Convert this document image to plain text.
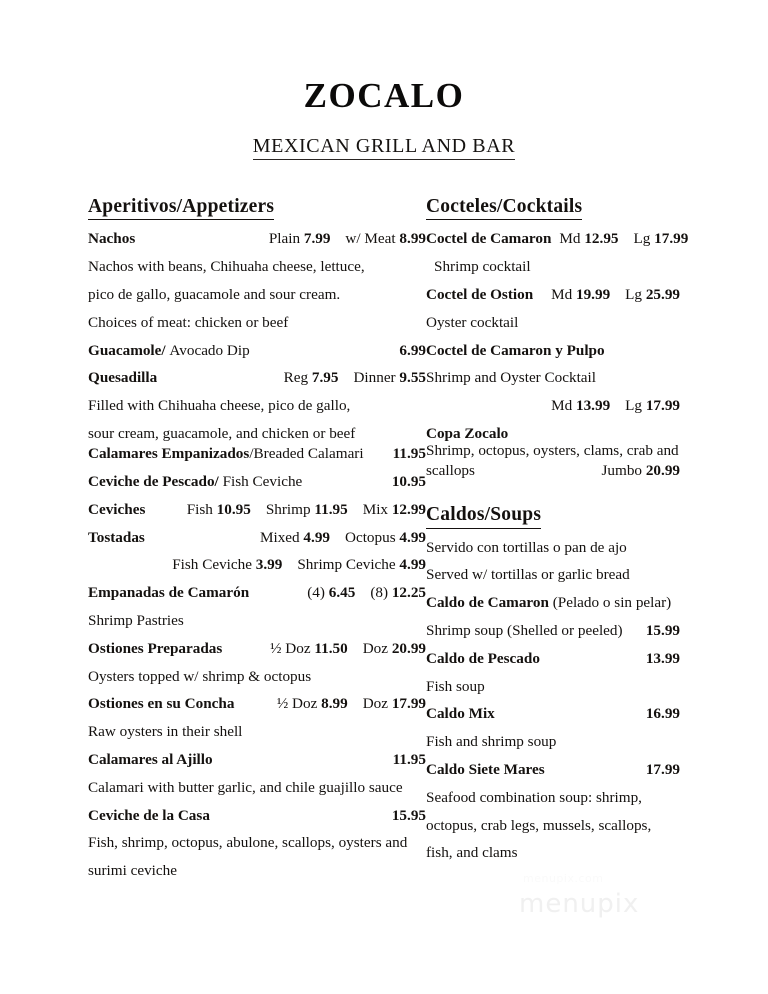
ZOCALO
MEXICAN GRILL AND BAR
Aperitivos/Appetizers
Nachos	Plain 7.99 w/ Meat 8.99
Nachos with beans, Chihuaha cheese, lettuce,
pico de gallo, guacamole and sour cream.
Choices of meat: chicken or beef
Guacamole/
Avocado Dip	6.99
Quesadilla	Reg 7.95 Dinner 9.55
Filled with Chihuaha cheese, pico de gallo,
sour cream, guacamole, and chicken or beef
Calamares Empanizados /Breaded Calamari 11.95
Ceviche de Pescado/
Fish Ceviche	10.95
Ceviches	Fish 10.95 Shrimp 11.95 Mix 12.99
Tostadas	Mixed 4.99 Octopus 4.99
Fish Ceviche 3.99 Shrimp Ceviche 4.99
Empanadas de Camarón	(4) 6.45 (8) 12.25
Shrimp Pastries
Ostiones Preparadas	½ Doz 11.50 Doz 20.99
Oysters topped w/ shrimp & octopus
Ostiones en su Concha	½ Doz 8.99 Doz 17.99
Raw oysters in their shell
Calamares al Ajillo	11.95
Calamari with butter garlic, and chile guajillo sauce
Ceviche de la Casa	15.95
Fish, shrimp, octopus, abulone, scallops, oysters and
surimi ceviche
Cocteles/Cocktails
Coctel de Camaron Md 12.95 Lg 17.99
Shrimp cocktail
Coctel de Ostion Md 19.99 Lg 25.99
Oyster cocktail
Coctel de Camaron y Pulpo
Shrimp and Oyster Cocktail
Md 13.99 Lg 17.99
Copa Zocalo
Shrimp, octopus, oysters, clams, crab and
scallops	Jumbo 20.99
Caldos/Soups
Servido con tortillas o pan de ajo
Served w/ tortillas or garlic bread
Caldo de Camaron
(Pelado o sin pelar)
Shrimp soup (Shelled or peeled) 15.99
Caldo de Pescado	13.99
Fish soup
Caldo Mix	16.99
Fish and shrimp soup
Caldo Siete Mares	17.99
Seafood combination soup: shrimp,
octopus, crab legs, mussels, scallops,
fish, and clams
menupix.com
menupix
